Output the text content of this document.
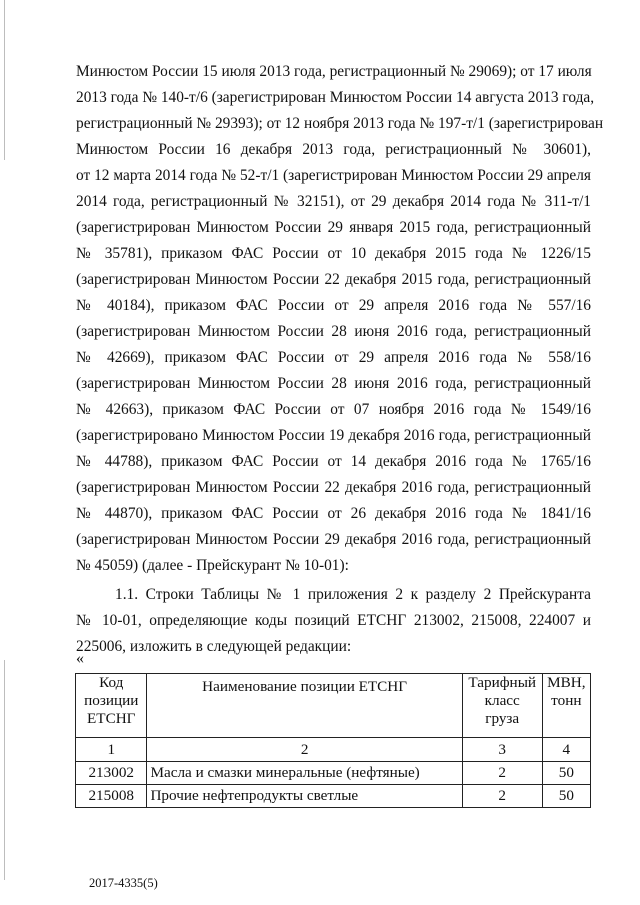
Минюстом России 15 июля 2013 года, регистрационный № 29069); от 17 июля
2013 года № 140-т/6 (зарегистрирован Минюстом России 14 августа 2013 года,
регистрационный № 29393); от 12 ноября 2013 года № 197-т/1 (зарегистрирован
Минюстом России 16 декабря 2013 года, регистрационный № 30601),
от 12 марта 2014 года № 52-т/1 (зарегистрирован Минюстом России 29 апреля
2014 года, регистрационный № 32151), от 29 декабря 2014 года № 311-т/1
(зарегистрирован Минюстом России 29 января 2015 года, регистрационный
№ 35781), приказом ФАС России от 10 декабря 2015 года № 1226/15
(зарегистрирован Минюстом России 22 декабря 2015 года, регистрационный
№ 40184), приказом ФАС России от 29 апреля 2016 года № 557/16
(зарегистрирован Минюстом России 28 июня 2016 года, регистрационный
№ 42669), приказом ФАС России от 29 апреля 2016 года № 558/16
(зарегистрирован Минюстом России 28 июня 2016 года, регистрационный
№ 42663), приказом ФАС России от 07 ноября 2016 года № 1549/16
(зарегистрировано Минюстом России 19 декабря 2016 года, регистрационный
№ 44788), приказом ФАС России от 14 декабря 2016 года № 1765/16
(зарегистрирован Минюстом России 22 декабря 2016 года, регистрационный
№ 44870), приказом ФАС России от 26 декабря 2016 года № 1841/16
(зарегистрирован Минюстом России 29 декабря 2016 года, регистрационный
№ 45059) (далее - Прейскурант № 10-01):
1.1. Строки Таблицы № 1 приложения 2 к разделу 2 Прейскуранта
№ 10-01, определяющие коды позиций ЕТСНГ 213002, 215008, 224007 и
225006, изложить в следующей редакции:
«
Код позиции ЕТСНГ	Наименование позиции ЕТСНГ	Тарифный класс груза	МВН, тонн
1	2	3	4
213002	Масла и смазки минеральные (нефтяные)	2	50
215008	Прочие нефтепродукты светлые	2	50
2017-4335(5)
